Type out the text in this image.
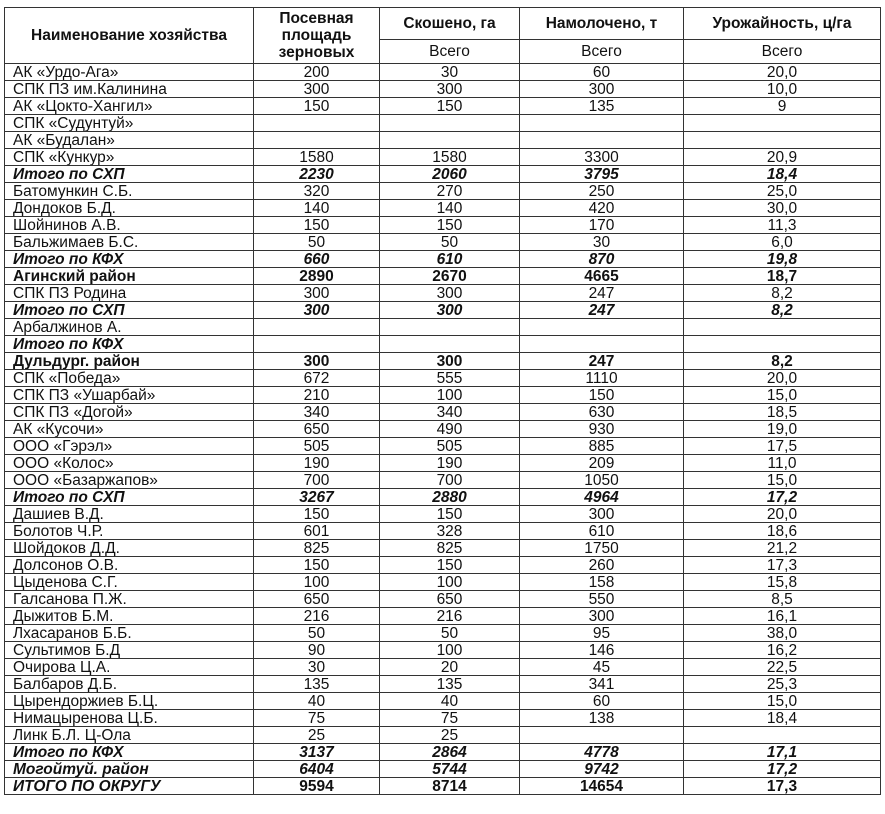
Наименование хозяйства	Посевная площадь зерновых	Скошено, га	Намолочено, т	Урожайность, ц/га
		Всего	Всего	Всего
АК «Урдо-Ага»	200	30	60	20,0
СПК ПЗ им.Калинина	300	300	300	10,0
АК «Цокто-Хангил»	150	150	135	9
СПК «Судунтуй»				
АК «Будалан»				
СПК «Кункур»	1580	1580	3300	20,9
Итого по СХП	2230	2060	3795	18,4
Батомункин С.Б.	320	270	250	25,0
Дондоков Б.Д.	140	140	420	30,0
Шойнинов А.В.	150	150	170	11,3
Бальжимаев Б.С.	50	50	30	6,0
Итого по КФХ	660	610	870	19,8
Агинский район	2890	2670	4665	18,7
СПК ПЗ Родина	300	300	247	8,2
Итого по СХП	300	300	247	8,2
Арбалжинов А.				
Итого по КФХ				
Дульдург. район	300	300	247	8,2
СПК «Победа»	672	555	1110	20,0
СПК ПЗ «Ушарбай»	210	100	150	15,0
СПК ПЗ «Догой»	340	340	630	18,5
АК «Кусочи»	650	490	930	19,0
ООО «Гэрэл»	505	505	885	17,5
ООО «Колос»	190	190	209	11,0
ООО «Базаржапов»	700	700	1050	15,0
Итого по СХП	3267	2880	4964	17,2
Дашиев В.Д.	150	150	300	20,0
Болотов Ч.Р.	601	328	610	18,6
Шойдоков Д.Д.	825	825	1750	21,2
Долсонов О.В.	150	150	260	17,3
Цыденова С.Г.	100	100	158	15,8
Галсанова П.Ж.	650	650	550	8,5
Дыжитов Б.М.	216	216	300	16,1
Лхасаранов Б.Б.	50	50	95	38,0
Сультимов Б.Д	90	100	146	16,2
Очирова Ц.А.	30	20	45	22,5
Балбаров Д.Б.	135	135	341	25,3
Цырендоржиев Б.Ц.	40	40	60	15,0
Нимацыренова Ц.Б.	75	75	138	18,4
Линк Б.Л. Ц-Ола	25	25		
Итого по КФХ	3137	2864	4778	17,1
Могойтуй. район	6404	5744	9742	17,2
ИТОГО ПО ОКРУГУ	9594	8714	14654	17,3
